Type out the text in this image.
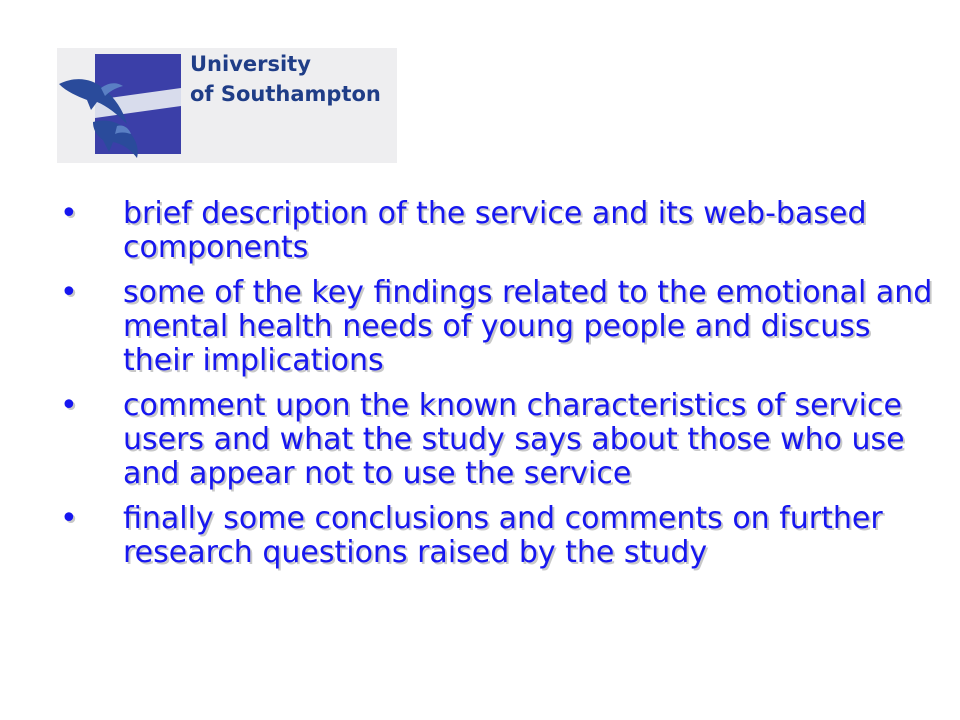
University
of Southampton
• brief description of the service and its web-based components
• some of the key findings related to the emotional and mental health needs of young people and discuss their implications
• comment upon the known characteristics of service users and what the study says about those who use and appear not to use the service
• finally some conclusions and comments on further research questions raised by the study
